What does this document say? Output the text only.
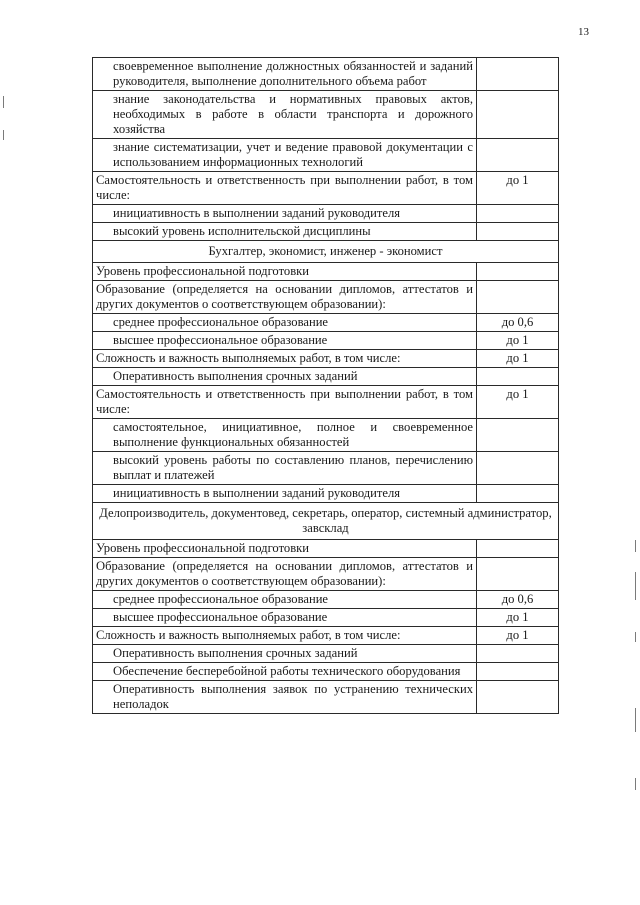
13
своевременное выполнение должностных обязанностей и заданий руководителя, выполнение дополнительного объема работ	
знание законодательства и нормативных правовых актов, необходимых в работе в области транспорта и дорожного хозяйства	
знание систематизации, учет и ведение правовой документации с использованием информационных технологий	
Самостоятельность и ответственность при выполнении работ, в том числе:	до 1
инициативность в выполнении заданий руководителя	
высокий уровень исполнительской дисциплины	
Бухгалтер, экономист, инженер - экономист	
Уровень профессиональной подготовки	
Образование (определяется на основании дипломов, аттестатов и других документов о соответствующем образовании):	
среднее профессиональное образование	до 0,6
высшее профессиональное образование	до 1
Сложность и важность выполняемых работ, в том числе:	до 1
Оперативность выполнения срочных заданий	
Самостоятельность и ответственность при выполнении работ, в том числе:	до 1
самостоятельное, инициативное, полное и своевременное выполнение функциональных обязанностей	
высокий уровень работы по составлению планов, перечислению выплат и платежей	
инициативность в выполнении заданий руководителя	
Делопроизводитель, документовед, секретарь, оператор, системный администратор, завсклад	
Уровень профессиональной подготовки	
Образование (определяется на основании дипломов, аттестатов и других документов о соответствующем образовании):	
среднее профессиональное образование	до 0,6
высшее профессиональное образование	до 1
Сложность и важность выполняемых работ, в том числе:	до 1
Оперативность выполнения срочных заданий	
Обеспечение бесперебойной работы технического оборудования	
Оперативность выполнения заявок по устранению технических неполадок	
